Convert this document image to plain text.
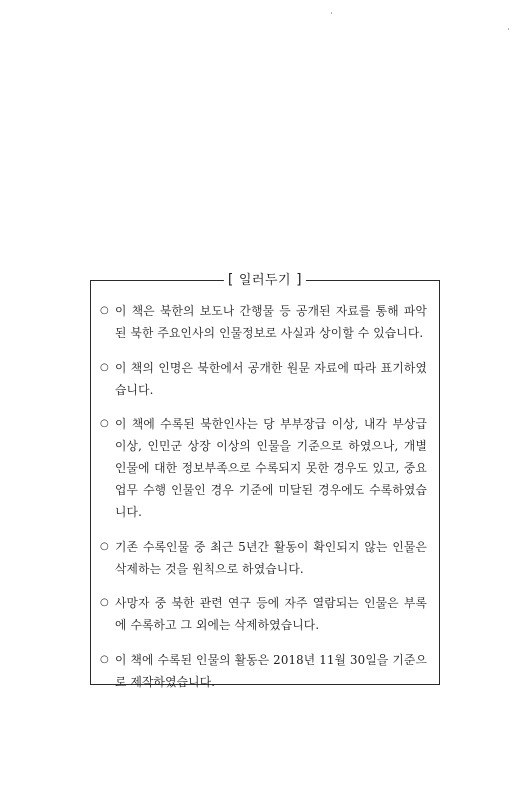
[ 일러두기 ]
○ 이 책은 북한의 보도나 간행물 등 공개된 자료를 통해 파악된 북한 주요인사의 인물정보로 사실과 상이할 수 있습니다.
○ 이 책의 인명은 북한에서 공개한 원문 자료에 따라 표기하였습니다.
○ 이 책에 수록된 북한인사는 당 부부장급 이상, 내각 부상급 이상, 인민군 상장 이상의 인물을 기준으로 하였으나, 개별 인물에 대한 정보부족으로 수록되지 못한 경우도 있고, 중요 업무 수행 인물인 경우 기준에 미달된 경우에도 수록하였습니다.
○ 기존 수록인물 중 최근 5년간 활동이 확인되지 않는 인물은 삭제하는 것을 원칙으로 하였습니다.
○ 사망자 중 북한 관련 연구 등에 자주 열람되는 인물은 부록에 수록하고 그 외에는 삭제하였습니다.
○ 이 책에 수록된 인물의 활동은 2018년 11월 30일을 기준으로 제작하였습니다.
